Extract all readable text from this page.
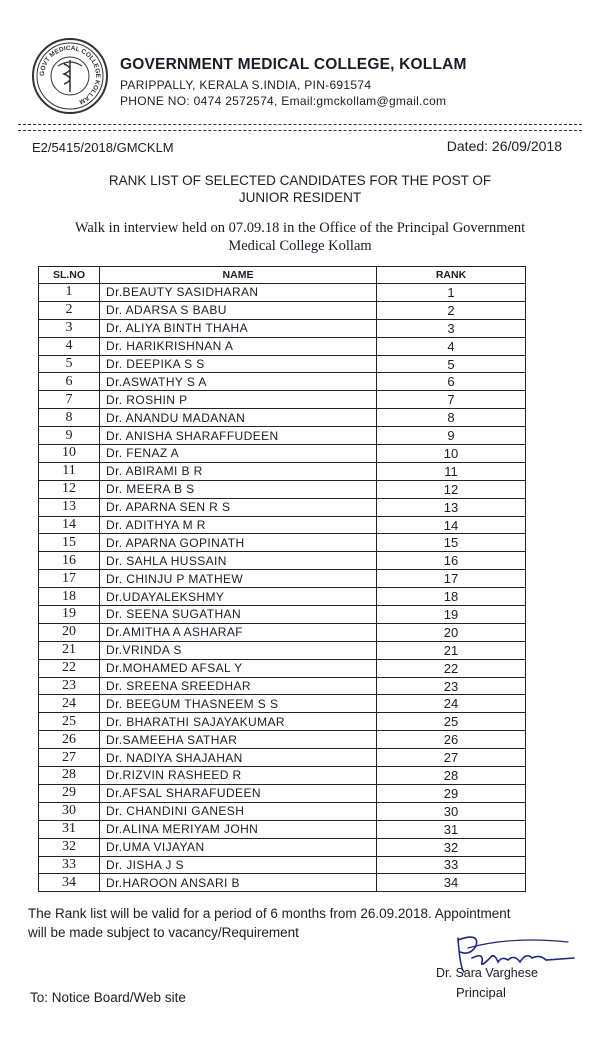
GOVT MEDICAL COLLEGE KOLLAM
GOVERNMENT MEDICAL COLLEGE, KOLLAM
PARIPPALLY, KERALA S.INDIA, PIN-691574
PHONE NO: 0474 2572574, Email:gmckollam@gmail.com
E2/5415/2018/GMCKLM	Dated: 26/09/2018
RANK LIST OF SELECTED CANDIDATES FOR THE POST OF
JUNIOR RESIDENT
Walk in interview held on 07.09.18 in the Office of the Principal Government
Medical College Kollam
SL.NO	NAME	RANK
1	Dr.BEAUTY SASIDHARAN	1
2	Dr. ADARSA S BABU	2
3	Dr. ALIYA BINTH THAHA	3
4	Dr. HARIKRISHNAN A	4
5	Dr. DEEPIKA S S	5
6	Dr.ASWATHY S A	6
7	Dr. ROSHIN P	7
8	Dr. ANANDU MADANAN	8
9	Dr. ANISHA SHARAFFUDEEN	9
10	Dr. FENAZ A	10
11	Dr. ABIRAMI B R	11
12	Dr. MEERA B S	12
13	Dr. APARNA SEN R S	13
14	Dr. ADITHYA M R	14
15	Dr. APARNA GOPINATH	15
16	Dr. SAHLA HUSSAIN	16
17	Dr. CHINJU P MATHEW	17
18	Dr.UDAYALEKSHMY	18
19	Dr. SEENA SUGATHAN	19
20	Dr.AMITHA A ASHARAF	20
21	Dr.VRINDA S	21
22	Dr.MOHAMED AFSAL Y	22
23	Dr. SREENA SREEDHAR	23
24	Dr. BEEGUM THASNEEM S S	24
25	Dr. BHARATHI SAJAYAKUMAR	25
26	Dr.SAMEEHA SATHAR	26
27	Dr. NADIYA SHAJAHAN	27
28	Dr.RIZVIN RASHEED R	28
29	Dr.AFSAL SHARAFUDEEN	29
30	Dr. CHANDINI GANESH	30
31	Dr.ALINA MERIYAM JOHN	31
32	Dr.UMA VIJAYAN	32
33	Dr. JISHA J S	33
34	Dr.HAROON ANSARI B	34
The Rank list will be valid for a period of 6 months from 26.09.2018. Appointment
will be made subject to vacancy/Requirement
Dr. Sara Varghese
Principal
To: Notice Board/Web site
